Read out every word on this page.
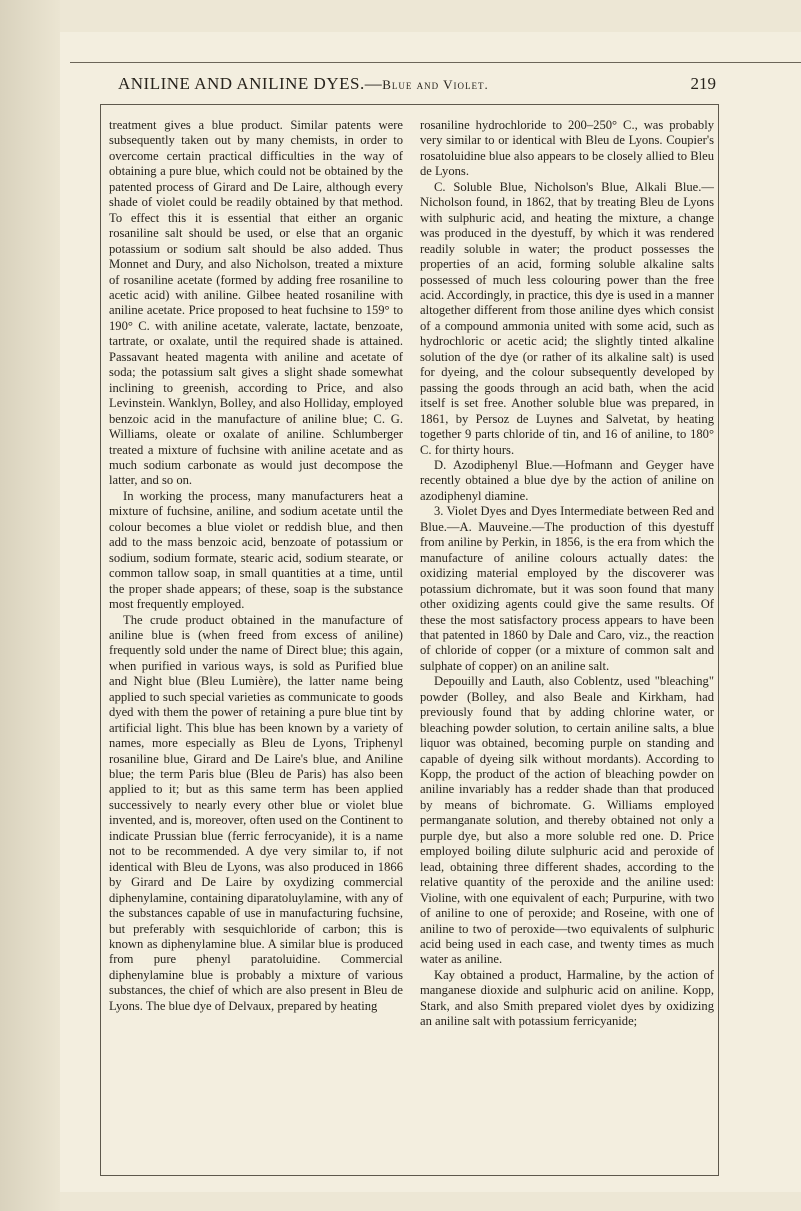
ANILINE AND ANILINE DYES.—Blue and Violet.	219

treatment gives a blue product. Similar patents were subsequently taken out by many chemists, in order to overcome certain practical difficulties in the way of obtaining a pure blue, which could not be obtained by the patented process of Girard and De Laire, although every shade of violet could be readily obtained by that method. To effect this it is essential that either an organic rosaniline salt should be used, or else that an organic potassium or sodium salt should be also added. Thus Monnet and Dury, and also Nicholson, treated a mixture of rosaniline acetate (formed by adding free rosaniline to acetic acid) with aniline. Gilbee heated rosaniline with aniline acetate. Price proposed to heat fuchsine to 159° to 190° C. with aniline acetate, valerate, lactate, benzoate, tartrate, or oxalate, until the required shade is attained. Passavant heated magenta with aniline and acetate of soda; the potassium salt gives a slight shade somewhat inclining to greenish, according to Price, and also Levinstein. Wanklyn, Bolley, and also Holliday, employed benzoic acid in the manufacture of aniline blue; C. G. Williams, oleate or oxalate of aniline. Schlumberger treated a mixture of fuchsine with aniline acetate and as much sodium carbonate as would just decompose the latter, and so on.

In working the process, many manufacturers heat a mixture of fuchsine, aniline, and sodium acetate until the colour becomes a blue violet or reddish blue, and then add to the mass benzoic acid, benzoate of potassium or sodium, sodium formate, stearic acid, sodium stearate, or common tallow soap, in small quantities at a time, until the proper shade appears; of these, soap is the substance most frequently employed.

The crude product obtained in the manufacture of aniline blue is (when freed from excess of aniline) frequently sold under the name of Direct blue; this again, when purified in various ways, is sold as Purified blue and Night blue (Bleu Lumière), the latter name being applied to such special varieties as communicate to goods dyed with them the power of retaining a pure blue tint by artificial light. This blue has been known by a variety of names, more especially as Bleu de Lyons, Triphenyl rosaniline blue, Girard and De Laire's blue, and Aniline blue; the term Paris blue (Bleu de Paris) has also been applied to it; but as this same term has been applied successively to nearly every other blue or violet blue invented, and is, moreover, often used on the Continent to indicate Prussian blue (ferric ferrocyanide), it is a name not to be recommended. A dye very similar to, if not identical with Bleu de Lyons, was also produced in 1866 by Girard and De Laire by oxydizing commercial diphenylamine, containing diparatoluylamine, with any of the substances capable of use in manufacturing fuchsine, but preferably with sesquichloride of carbon; this is known as diphenylamine blue. A similar blue is produced from pure phenyl paratoluidine. Commercial diphenylamine blue is probably a mixture of various substances, the chief of which are also present in Bleu de Lyons. The blue dye of Delvaux, prepared by heating

rosaniline hydrochloride to 200–250° C., was probably very similar to or identical with Bleu de Lyons. Coupier's rosatoluidine blue also appears to be closely allied to Bleu de Lyons.

C. Soluble Blue, Nicholson's Blue, Alkali Blue.—Nicholson found, in 1862, that by treating Bleu de Lyons with sulphuric acid, and heating the mixture, a change was produced in the dyestuff, by which it was rendered readily soluble in water; the product possesses the properties of an acid, forming soluble alkaline salts possessed of much less colouring power than the free acid. Accordingly, in practice, this dye is used in a manner altogether different from those aniline dyes which consist of a compound ammonia united with some acid, such as hydrochloric or acetic acid; the slightly tinted alkaline solution of the dye (or rather of its alkaline salt) is used for dyeing, and the colour subsequently developed by passing the goods through an acid bath, when the acid itself is set free. Another soluble blue was prepared, in 1861, by Persoz de Luynes and Salvetat, by heating together 9 parts chloride of tin, and 16 of aniline, to 180° C. for thirty hours.

D. Azodiphenyl Blue.—Hofmann and Geyger have recently obtained a blue dye by the action of aniline on azodiphenyl diamine.

3. Violet Dyes and Dyes Intermediate between Red and Blue.—A. Mauveine.—The production of this dyestuff from aniline by Perkin, in 1856, is the era from which the manufacture of aniline colours actually dates: the oxidizing material employed by the discoverer was potassium dichromate, but it was soon found that many other oxidizing agents could give the same results. Of these the most satisfactory process appears to have been that patented in 1860 by Dale and Caro, viz., the reaction of chloride of copper (or a mixture of common salt and sulphate of copper) on an aniline salt.

Depouilly and Lauth, also Coblentz, used "bleaching" powder (Bolley, and also Beale and Kirkham, had previously found that by adding chlorine water, or bleaching powder solution, to certain aniline salts, a blue liquor was obtained, becoming purple on standing and capable of dyeing silk without mordants). According to Kopp, the product of the action of bleaching powder on aniline invariably has a redder shade than that produced by means of bichromate. G. Williams employed permanganate solution, and thereby obtained not only a purple dye, but also a more soluble red one. D. Price employed boiling dilute sulphuric acid and peroxide of lead, obtaining three different shades, according to the relative quantity of the peroxide and the aniline used: Violine, with one equivalent of each; Purpurine, with two of aniline to one of peroxide; and Roseine, with one of aniline to two of peroxide—two equivalents of sulphuric acid being used in each case, and twenty times as much water as aniline.

Kay obtained a product, Harmaline, by the action of manganese dioxide and sulphuric acid on aniline. Kopp, Stark, and also Smith prepared violet dyes by oxidizing an aniline salt with potassium ferricyanide;
